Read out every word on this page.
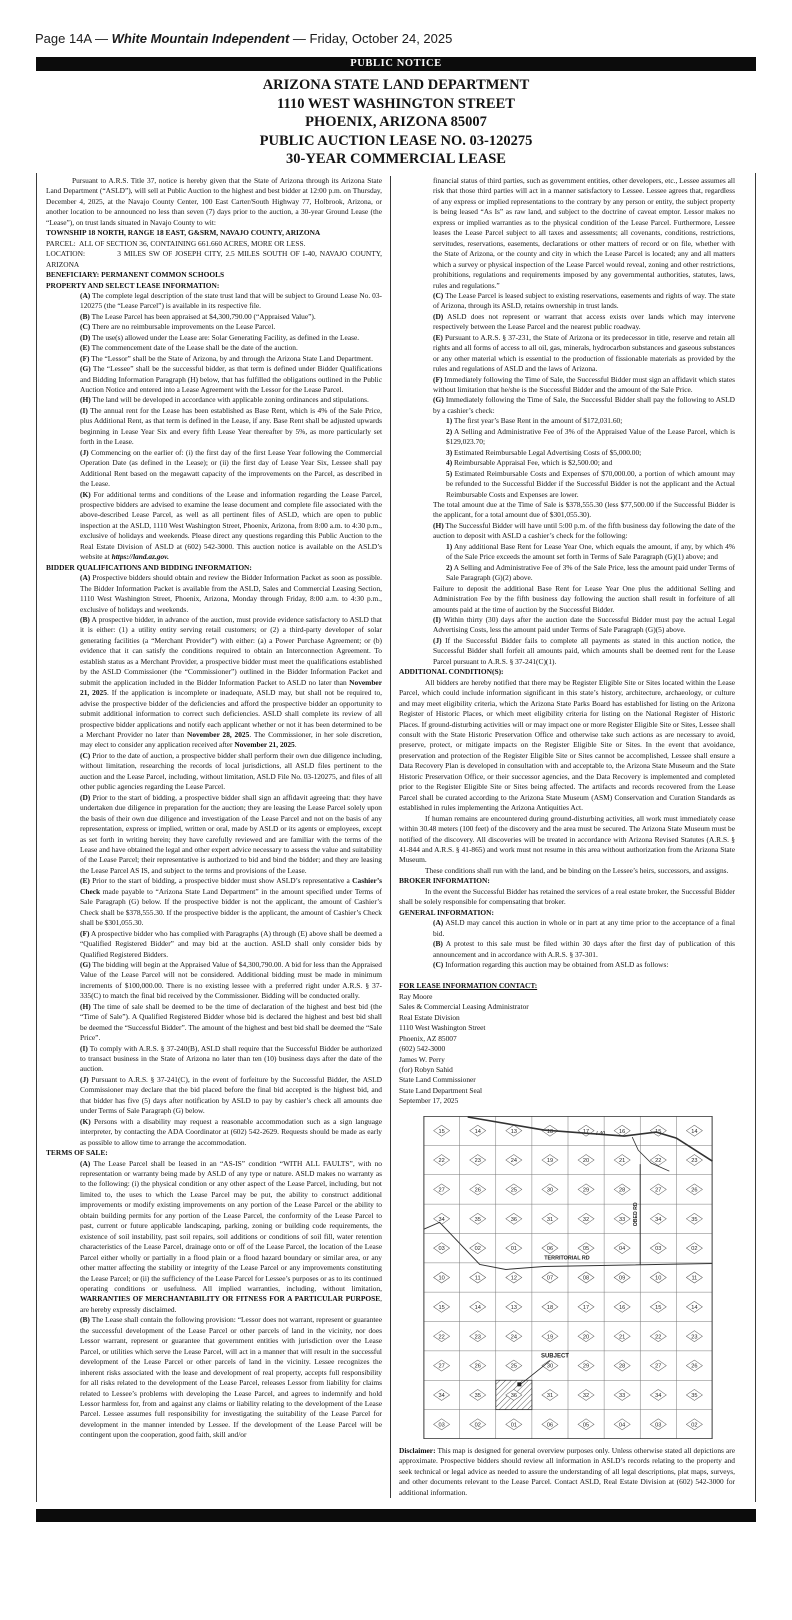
Page 14A — White Mountain Independent — Friday, October 24, 2025
PUBLIC NOTICE
ARIZONA STATE LAND DEPARTMENT
1110 WEST WASHINGTON STREET
PHOENIX, ARIZONA 85007
PUBLIC AUCTION LEASE NO. 03-120275
30-YEAR COMMERCIAL LEASE

Pursuant to A.R.S. Title 37, notice is hereby given that the State of Arizona through its Arizona State Land Department (“ASLD”), will sell at Public Auction to the highest and best bidder at 12:00 p.m. on Thursday, December 4, 2025, at the Navajo County Center, 100 East Carter/South Highway 77, Holbrook, Arizona, or another location to be announced no less than seven (7) days prior to the auction, a 30-year Ground Lease (the “Lease”), on trust lands situated in Navajo County to wit:

TOWNSHIP 18 NORTH, RANGE 18 EAST, G&SRM, NAVAJO COUNTY, ARIZONA

PARCEL:  ALL OF SECTION 36, CONTAINING 661.660 ACRES, MORE OR LESS.

LOCATION:           3 MILES SW OF JOSEPH CITY, 2.5 MILES SOUTH OF I-40, NAVAJO COUNTY, ARIZONA

BENEFICIARY: PERMANENT COMMON SCHOOLS

PROPERTY AND SELECT LEASE INFORMATION:

(A) The complete legal description of the state trust land that will be subject to Ground Lease No. 03-120275 (the “Lease Parcel”) is available in its respective file.

(B) The Lease Parcel has been appraised at $4,300,790.00 (“Appraised Value”).

(C) There are no reimbursable improvements on the Lease Parcel.

(D) The use(s) allowed under the Lease are: Solar Generating Facility, as defined in the Lease.

(E) The commencement date of the Lease shall be the date of the auction.

(F) The “Lessor” shall be the State of Arizona, by and through the Arizona State Land Department.

(G) The “Lessee” shall be the successful bidder, as that term is defined under Bidder Qualifications and Bidding Information Paragraph (H) below, that has fulfilled the obligations outlined in the Public Auction Notice and entered into a Lease Agreement with the Lessor for the Lease Parcel.

(H) The land will be developed in accordance with applicable zoning ordinances and stipulations.

(I) The annual rent for the Lease has been established as Base Rent, which is 4% of the Sale Price, plus Additional Rent, as that term is defined in the Lease, if any. Base Rent shall be adjusted upwards beginning in Lease Year Six and every fifth Lease Year thereafter by 5%, as more particularly set forth in the Lease.

(J) Commencing on the earlier of: (i) the first day of the first Lease Year following the Commercial Operation Date (as defined in the Lease); or (ii) the first day of Lease Year Six, Lessee shall pay Additional Rent based on the megawatt capacity of the improvements on the Parcel, as described in the Lease.

(K) For additional terms and conditions of the Lease and information regarding the Lease Parcel, prospective bidders are advised to examine the lease document and complete file associated with the above-described Lease Parcel, as well as all pertinent files of ASLD, which are open to public inspection at the ASLD, 1110 West Washington Street, Phoenix, Arizona, from 8:00 a.m. to 4:30 p.m., exclusive of holidays and weekends. Please direct any questions regarding this Public Auction to the Real Estate Division of ASLD at (602) 542-3000. This auction notice is available on the ASLD’s website at https://land.az.gov.

BIDDER QUALIFICATIONS AND BIDDING INFORMATION:

(A) Prospective bidders should obtain and review the Bidder Information Packet as soon as possible. The Bidder Information Packet is available from the ASLD, Sales and Commercial Leasing Section, 1110 West Washington Street, Phoenix, Arizona, Monday through Friday, 8:00 a.m. to 4:30 p.m., exclusive of holidays and weekends.

(B) A prospective bidder, in advance of the auction, must provide evidence satisfactory to ASLD that it is either: (1) a utility entity serving retail customers; or (2) a third-party developer of solar generating facilities (a “Merchant Provider”) with either: (a) a Power Purchase Agreement; or (b) evidence that it can satisfy the conditions required to obtain an Interconnection Agreement. To establish status as a Merchant Provider, a prospective bidder must meet the qualifications established by the ASLD Commissioner (the “Commissioner”) outlined in the Bidder Information Packet and submit the application included in the Bidder Information Packet to ASLD no later than November 21, 2025. If the application is incomplete or inadequate, ASLD may, but shall not be required to, advise the prospective bidder of the deficiencies and afford the prospective bidder an opportunity to submit additional information to correct such deficiencies. ASLD shall complete its review of all prospective bidder applications and notify each applicant whether or not it has been determined to be a Merchant Provider no later than November 28, 2025. The Commissioner, in her sole discretion, may elect to consider any application received after November 21, 2025.

(C) Prior to the date of auction, a prospective bidder shall perform their own due diligence including, without limitation, researching the records of local jurisdictions, all ASLD files pertinent to the auction and the Lease Parcel, including, without limitation, ASLD File No. 03-120275, and files of all other public agencies regarding the Lease Parcel.

(D) Prior to the start of bidding, a prospective bidder shall sign an affidavit agreeing that: they have undertaken due diligence in preparation for the auction; they are leasing the Lease Parcel solely upon the basis of their own due diligence and investigation of the Lease Parcel and not on the basis of any representation, express or implied, written or oral, made by ASLD or its agents or employees, except as set forth in writing herein; they have carefully reviewed and are familiar with the terms of the Lease and have obtained the legal and other expert advice necessary to assess the value and suitability of the Lease Parcel; their representative is authorized to bid and bind the bidder; and they are leasing the Lease Parcel AS IS, and subject to the terms and provisions of the Lease.

(E) Prior to the start of bidding, a prospective bidder must show ASLD’s representative a Cashier’s Check made payable to “Arizona State Land Department” in the amount specified under Terms of Sale Paragraph (G) below. If the prospective bidder is not the applicant, the amount of Cashier’s Check shall be $378,555.30. If the prospective bidder is the applicant, the amount of Cashier’s Check shall be $301,055.30.

(F) A prospective bidder who has complied with Paragraphs (A) through (E) above shall be deemed a “Qualified Registered Bidder” and may bid at the auction. ASLD shall only consider bids by Qualified Registered Bidders.

(G) The bidding will begin at the Appraised Value of $4,300,790.00. A bid for less than the Appraised Value of the Lease Parcel will not be considered. Additional bidding must be made in minimum increments of $100,000.00. There is no existing lessee with a preferred right under A.R.S. § 37-335(C) to match the final bid received by the Commissioner. Bidding will be conducted orally.

(H) The time of sale shall be deemed to be the time of declaration of the highest and best bid (the “Time of Sale”). A Qualified Registered Bidder whose bid is declared the highest and best bid shall be deemed the “Successful Bidder”. The amount of the highest and best bid shall be deemed the “Sale Price”.

(I) To comply with A.R.S. § 37-240(B), ASLD shall require that the Successful Bidder be authorized to transact business in the State of Arizona no later than ten (10) business days after the date of the auction.

(J) Pursuant to A.R.S. § 37-241(C), in the event of forfeiture by the Successful Bidder, the ASLD Commissioner may declare that the bid placed before the final bid accepted is the highest bid, and that bidder has five (5) days after notification by ASLD to pay by cashier’s check all amounts due under Terms of Sale Paragraph (G) below.

(K) Persons with a disability may request a reasonable accommodation such as a sign language interpreter, by contacting the ADA Coordinator at (602) 542-2629. Requests should be made as early as possible to allow time to arrange the accommodation.

TERMS OF SALE:

(A) The Lease Parcel shall be leased in an “AS-IS” condition “WITH ALL FAULTS”, with no representation or warranty being made by ASLD of any type or nature. ASLD makes no warranty as to the following: (i) the physical condition or any other aspect of the Lease Parcel, including, but not limited to, the uses to which the Lease Parcel may be put, the ability to construct additional improvements or modify existing improvements on any portion of the Lease Parcel or the ability to obtain building permits for any portion of the Lease Parcel, the conformity of the Lease Parcel to past, current or future applicable landscaping, parking, zoning or building code requirements, the existence of soil instability, past soil repairs, soil additions or conditions of soil fill, water retention characteristics of the Lease Parcel, drainage onto or off of the Lease Parcel, the location of the Lease Parcel either wholly or partially in a flood plain or a flood hazard boundary or similar area, or any other matter affecting the stability or integrity of the Lease Parcel or any improvements constituting the Lease Parcel; or (ii) the sufficiency of the Lease Parcel for Lessee’s purposes or as to its continued operating conditions or usefulness. All implied warranties, including, without limitation, WARRANTIES OF MERCHANTABILITY OR FITNESS FOR A PARTICULAR PURPOSE, are hereby expressly disclaimed.

(B) The Lease shall contain the following provision: “Lessor does not warrant, represent or guarantee the successful development of the Lease Parcel or other parcels of land in the vicinity, nor does Lessor warrant, represent or guarantee that government entities with jurisdiction over the Lease Parcel, or utilities which serve the Lease Parcel, will act in a manner that will result in the successful development of the Lease Parcel or other parcels of land in the vicinity. Lessee recognizes the inherent risks associated with the lease and development of real property, accepts full responsibility for all risks related to the development of the Lease Parcel, releases Lessor from liability for claims related to Lessee’s problems with developing the Lease Parcel, and agrees to indemnify and hold Lessor harmless for, from and against any claims or liability relating to the development of the Lease Parcel. Lessee assumes full responsibility for investigating the suitability of the Lease Parcel for development in the manner intended by Lessee. If the development of the Lease Parcel will be contingent upon the cooperation, good faith, skill and/or

financial status of third parties, such as government entities, other developers, etc., Lessee assumes all risk that those third parties will act in a manner satisfactory to Lessee. Lessee agrees that, regardless of any express or implied representations to the contrary by any person or entity, the subject property is being leased “As Is” as raw land, and subject to the doctrine of caveat emptor. Lessor makes no express or implied warranties as to the physical condition of the Lease Parcel. Furthermore, Lessee leases the Lease Parcel subject to all taxes and assessments; all covenants, conditions, restrictions, servitudes, reservations, easements, declarations or other matters of record or on file, whether with the State of Arizona, or the county and city in which the Lease Parcel is located; any and all matters which a survey or physical inspection of the Lease Parcel would reveal, zoning and other restrictions, prohibitions, regulations and requirements imposed by any governmental authorities, statutes, laws, rules and regulations.”

(C) The Lease Parcel is leased subject to existing reservations, easements and rights of way. The state of Arizona, through its ASLD, retains ownership in trust lands.

(D) ASLD does not represent or warrant that access exists over lands which may intervene respectively between the Lease Parcel and the nearest public roadway.

(E) Pursuant to A.R.S. § 37-231, the State of Arizona or its predecessor in title, reserve and retain all rights and all forms of access to all oil, gas, minerals, hydrocarbon substances and gaseous substances or any other material which is essential to the production of fissionable materials as provided by the rules and regulations of ASLD and the laws of Arizona.

(F) Immediately following the Time of Sale, the Successful Bidder must sign an affidavit which states without limitation that he/she is the Successful Bidder and the amount of the Sale Price.

(G) Immediately following the Time of Sale, the Successful Bidder shall pay the following to ASLD by a cashier’s check:

1) The first year’s Base Rent in the amount of $172,031.60;

2) A Selling and Administrative Fee of 3% of the Appraised Value of the Lease Parcel, which is $129,023.70;

3) Estimated Reimbursable Legal Advertising Costs of $5,000.00;

4) Reimbursable Appraisal Fee, which is $2,500.00; and

5) Estimated Reimbursable Costs and Expenses of $70,000.00, a portion of which amount may be refunded to the Successful Bidder if the Successful Bidder is not the applicant and the Actual Reimbursable Costs and Expenses are lower.

The total amount due at the Time of Sale is $378,555.30 (less $77,500.00 if the Successful Bidder is the applicant, for a total amount due of $301,055.30).

(H) The Successful Bidder will have until 5:00 p.m. of the fifth business day following the date of the auction to deposit with ASLD a cashier’s check for the following:

1) Any additional Base Rent for Lease Year One, which equals the amount, if any, by which 4% of the Sale Price exceeds the amount set forth in Terms of Sale Paragraph (G)(1) above; and

2) A Selling and Administrative Fee of 3% of the Sale Price, less the amount paid under Terms of Sale Paragraph (G)(2) above.

Failure to deposit the additional Base Rent for Lease Year One plus the additional Selling and Administration Fee by the fifth business day following the auction shall result in forfeiture of all amounts paid at the time of auction by the Successful Bidder.

(I) Within thirty (30) days after the auction date the Successful Bidder must pay the actual Legal Advertising Costs, less the amount paid under Terms of Sale Paragraph (G)(5) above.

(J) If the Successful Bidder fails to complete all payments as stated in this auction notice, the Successful Bidder shall forfeit all amounts paid, which amounts shall be deemed rent for the Lease Parcel pursuant to A.R.S. § 37-241(C)(1).

ADDITIONAL CONDITION(S):

All bidders are hereby notified that there may be Register Eligible Site or Sites located within the Lease Parcel, which could include information significant in this state’s history, architecture, archaeology, or culture and may meet eligibility criteria, which the Arizona State Parks Board has established for listing on the Arizona Register of Historic Places, or which meet eligibility criteria for listing on the National Register of Historic Places. If ground-disturbing activities will or may impact one or more Register Eligible Site or Sites, Lessee shall consult with the State Historic Preservation Office and otherwise take such actions as are necessary to avoid, preserve, protect, or mitigate impacts on the Register Eligible Site or Sites. In the event that avoidance, preservation and protection of the Register Eligible Site or Sites cannot be accomplished, Lessee shall ensure a Data Recovery Plan is developed in consultation with and acceptable to, the Arizona State Museum and the State Historic Preservation Office, or their successor agencies, and the Data Recovery is implemented and completed prior to the Register Eligible Site or Sites being affected. The artifacts and records recovered from the Lease Parcel shall be curated according to the Arizona State Museum (ASM) Conservation and Curation Standards as established in rules implementing the Arizona Antiquities Act.

If human remains are encountered during ground-disturbing activities, all work must immediately cease within 30.48 meters (100 feet) of the discovery and the area must be secured. The Arizona State Museum must be notified of the discovery. All discoveries will be treated in accordance with Arizona Revised Statutes (A.R.S. § 41-844 and A.R.S. § 41-865) and work must not resume in this area without authorization from the Arizona State Museum.

These conditions shall run with the land, and be binding on the Lessee’s heirs, successors, and assigns.

BROKER INFORMATION:

In the event the Successful Bidder has retained the services of a real estate broker, the Successful Bidder shall be solely responsible for compensating that broker.

GENERAL INFORMATION:

(A) ASLD may cancel this auction in whole or in part at any time prior to the acceptance of a final bid.

(B) A protest to this sale must be filed within 30 days after the first day of publication of this announcement and in accordance with A.R.S. § 37-301.

(C) Information regarding this auction may be obtained from ASLD as follows:

FOR LEASE INFORMATION CONTACT:

Ray Moore

Sales & Commercial Leasing Administrator

Real Estate Division

1110 West Washington Street

Phoenix, AZ 85007

(602) 542-3000

James W. Perry

(for) Robyn Sahid

State Land Commissioner

State Land Department Seal

September 17, 2025

15	14	13	18	17	16	15	14
22	23	24	19	20	21	22	23
27	26	25	30	29	28	27	26
34	35	36	31	32	33	34	35
03	02	01	06	05	04	03	02
10	11	12	07	08	09	10	11
15	14	13	18	17	16	15	14
22	23	24	19	20	21	22	23
27	26	25	30	29	28	27	26
34	35	36	31	32	33	34	35
03	02	01	06	05	04	03	02
I-40
OBED RD
TERRITORIAL RD
SUBJECT

Disclaimer: This map is designed for general overview purposes only. Unless otherwise stated all depictions are approximate. Prospective bidders should review all information in ASLD’s records relating to the property and seek technical or legal advice as needed to assure the understanding of all legal descriptions, plat maps, surveys, and other documents relevant to the Lease Parcel. Contact ASLD, Real Estate Division at (602) 542-3000 for additional information.
